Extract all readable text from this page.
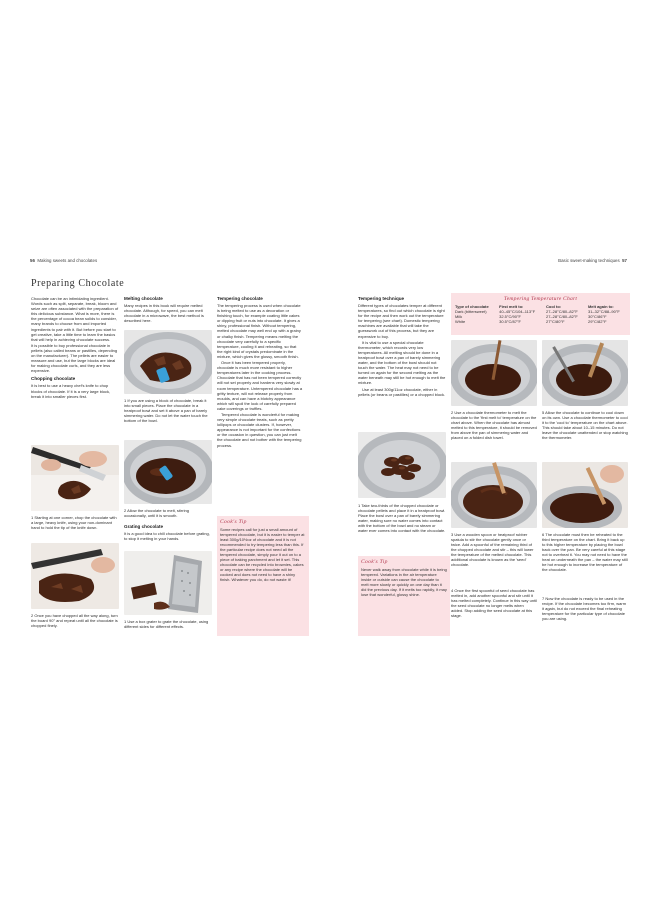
56 Making sweets and chocolates	Basic sweet-making techniques 57
Preparing Chocolate

Chocolate can be an intimidating ingredient. Words such as split, separate, break, bloom and seize are often associated with the preparation of this delicious substance. What is more, there is the percentage of cocoa bean solids to consider, many brands to choose from and imported ingredients to pair with it. But before you start to get creative, take a little time to learn the basics that will help in achieving chocolate success.

It is possible to buy professional chocolate in pellets (also called beans or pastilles, depending on the manufacturer). The pellets are easier to measure and use, but the large blocks are ideal for making chocolate curls, and they are less expensive.

Chopping chocolate

It is best to use a heavy chef's knife to chop blocks of chocolate. If it is a very large block, break it into smaller pieces first.

1 Starting at one corner, chop the chocolate with a large, heavy knife, using your non-dominant hand to hold the tip of the knife down.
2 Once you have chopped all the way along, turn the board 90° and repeat until all the chocolate is chopped finely.
Melting chocolate

Many recipes in this book will require melted chocolate. Although, for speed, you can melt chocolate in a microwave, the best method is described here.

1 If you are using a block of chocolate, break it into small pieces. Place the chocolate in a heatproof bowl and set it above a pan of barely simmering water. Do not let the water touch the bottom of the bowl.
2 Allow the chocolate to melt, stirring occasionally, until it is smooth.
Grating chocolate

It is a good idea to chill chocolate before grating, to stop it melting in your hands.

1 Use a box grater to grate the chocolate, using different sides for different effects.
Tempering chocolate

The tempering process is used when chocolate is being melted to use as a decoration or finishing touch, for example coating little cakes or dipping fruit or nuts into chocolate. It gives a shiny, professional finish. Without tempering, melted chocolate may well end up with a grainy or chalky finish. Tempering means melting the chocolate very carefully to a specific temperature, cooling it and reheating, so that the right kind of crystals predominate in the mixture, which gives the glossy, smooth finish.

Once it has been tempered properly, chocolate is much more resistant to higher temperatures later in the cooking process. Chocolate that has not been tempered correctly will not set properly and hardens very slowly at room temperature. Untempered chocolate has a gritty texture, will not release properly from moulds, and can have a blotchy appearance which will spoil the look of carefully prepared cake coverings or truffles.

Tempered chocolate is wonderful for making very simple chocolate treats, such as pretty lollipops or chocolate clusters. If, however, appearance is not important for the confections or the occasion in question, you can just melt the chocolate and not bother with the tempering process.

Cook's Tip

Some recipes call for just a small amount of tempered chocolate, but it is easier to temper at least 300g/10½oz of chocolate and it is not recommended to try tempering less than this. If the particular recipe does not need all the tempered chocolate, simply pour it out on to a piece of baking parchment and let it set. This chocolate can be recycled into brownies, cakes or any recipe where the chocolate will be cooked and does not need to have a shiny finish. Whatever you do, do not waste it!

Tempering technique

Different types of chocolates temper at different temperatures, so find out which chocolate is right for the recipe and then work out the temperature for tempering (see chart). Domestic tempering machines are available that will take the guesswork out of this process, but they are expensive to buy.

It is vital to use a special chocolate thermometer, which records very low temperatures. All melting should be done in a heatproof bowl over a pan of barely simmering water, and the bottom of the bowl should not touch the water. The heat may not need to be turned on again for the second melting as the water beneath may still be hot enough to melt the mixture.

Use at least 300g/11oz chocolate, either in pellets (or beans or pastilles) or a chopped block.

1 Take two-thirds of the chopped chocolate or chocolate pellets and place it in a heatproof bowl. Place the bowl over a pan of barely simmering water, making sure no water comes into contact with the bottom of the bowl and no steam or water ever comes into contact with the chocolate.
Cook's Tip

Never walk away from chocolate while it is being tempered. Variations in the air temperature inside or outside can cause the chocolate to melt more slowly or quickly on one day than it did the previous day. If it melts too rapidly, it may lose that wonderful, glossy shine.

Tempering Temperature Chart
Type of chocolate	First melt to:	Cool to:	Melt again to:
Dark (bittersweet)	40–45°C/104–113°F	27–28°C/80–82°F	31–32°C/88–90°F
Milk	32.5°C/90°F	27–28°C/80–82°F	30°C/86°F
White	30.5°C/87°F	27°C/80°F	29°C/82°F
2 Use a chocolate thermometer to melt the chocolate to the 'first melt to' temperature on the chart above. When the chocolate has almost melted to this temperature, it should be removed from above the pan of simmering water and placed on a folded dish towel.
3 Use a wooden spoon or heatproof rubber spatula to stir the chocolate gently once or twice. Add a spoonful of the remaining third of the chopped chocolate and stir – this will lower the temperature of the melted chocolate. This additional chocolate is known as the 'seed' chocolate.
4 Once the first spoonful of seed chocolate has melted in, add another spoonful and stir until it has melted completely. Continue in this way until the seed chocolate no longer melts when added. Stop adding the seed chocolate at this stage.
5 Allow the chocolate to continue to cool down on its own. Use a chocolate thermometer to cool it to the 'cool to' temperature on the chart above. This should take about 10–15 minutes. Do not leave the chocolate unattended or stop watching the thermometer.
6 The chocolate must then be reheated to the third temperature on the chart. Bring it back up to this higher temperature by placing the bowl back over the pan. Be very careful at this stage not to overheat it. You may not need to have the heat on underneath the pan – the water may still be hot enough to increase the temperature of the chocolate.
7 Now the chocolate is ready to be used in the recipe. If the chocolate becomes too firm, warm it again, but do not exceed the final reheating temperature for the particular type of chocolate you are using.
